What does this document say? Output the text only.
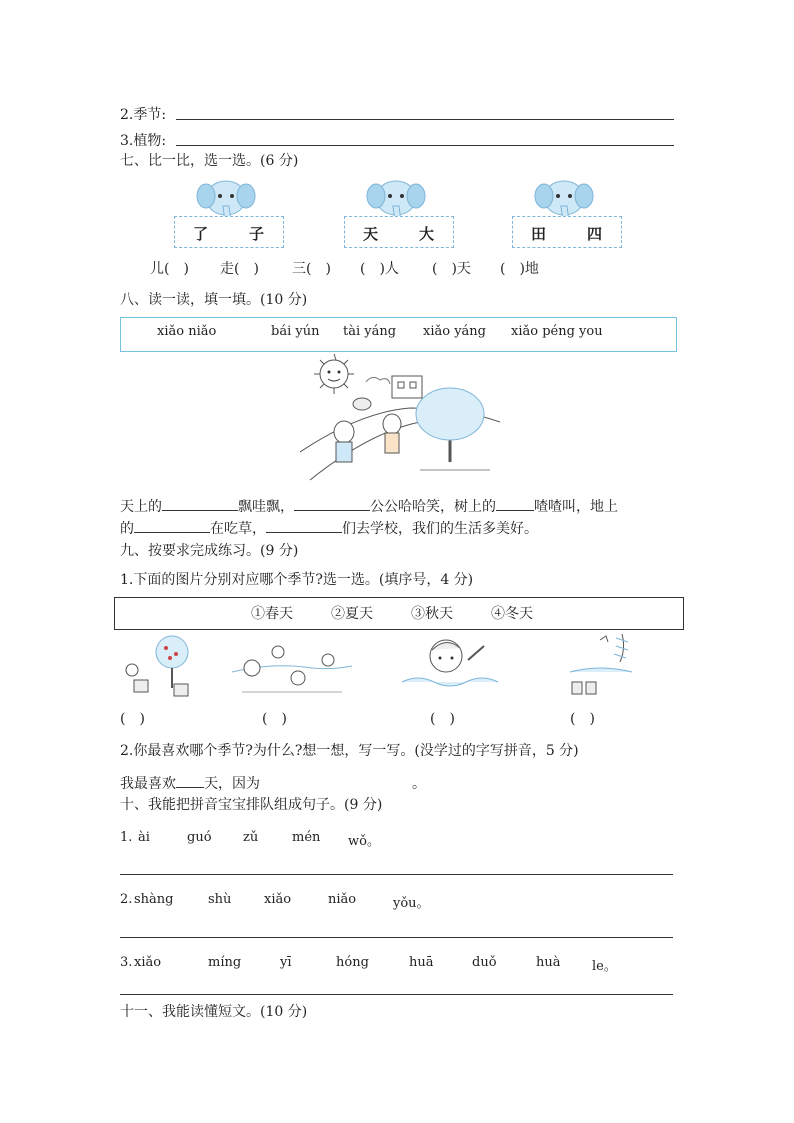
2.季节:
3.植物:
七、比一比，选一选。(6 分)
了	子	天	大	田	四
儿(　) 走(　) 三(　) (　)人 (　)天 (　)地
八、读一读，填一填。(10 分)
xiǎo niǎo	bái yún tài yáng xiǎo yáng xiǎo péng you
天上的	飘哇飘，	公公哈哈笑，树上的	喳喳叫，地上
的	在吃草，	们去学校，我们的生活多美好。
九、按要求完成练习。(9 分)
1.下面的图片分别对应哪个季节?选一选。(填序号，4 分)
①春天	②夏天	③秋天	④冬天
(　)	(　)	(　)	(　)
2.你最喜欢哪个季节?为什么?想一想，写一写。(没学过的字写拼音，5 分)
我最喜欢 天，因为	。
十、我能把拼音宝宝排队组成句子。(9 分)
1. ài	guó zǔ	mén wǒ。
2. shàng	shù	xiǎo	niǎo	yǒu。
3. xiǎo	míng	yī	hóng	huā	duǒ	huà le。
十一、我能读懂短文。(10 分)
